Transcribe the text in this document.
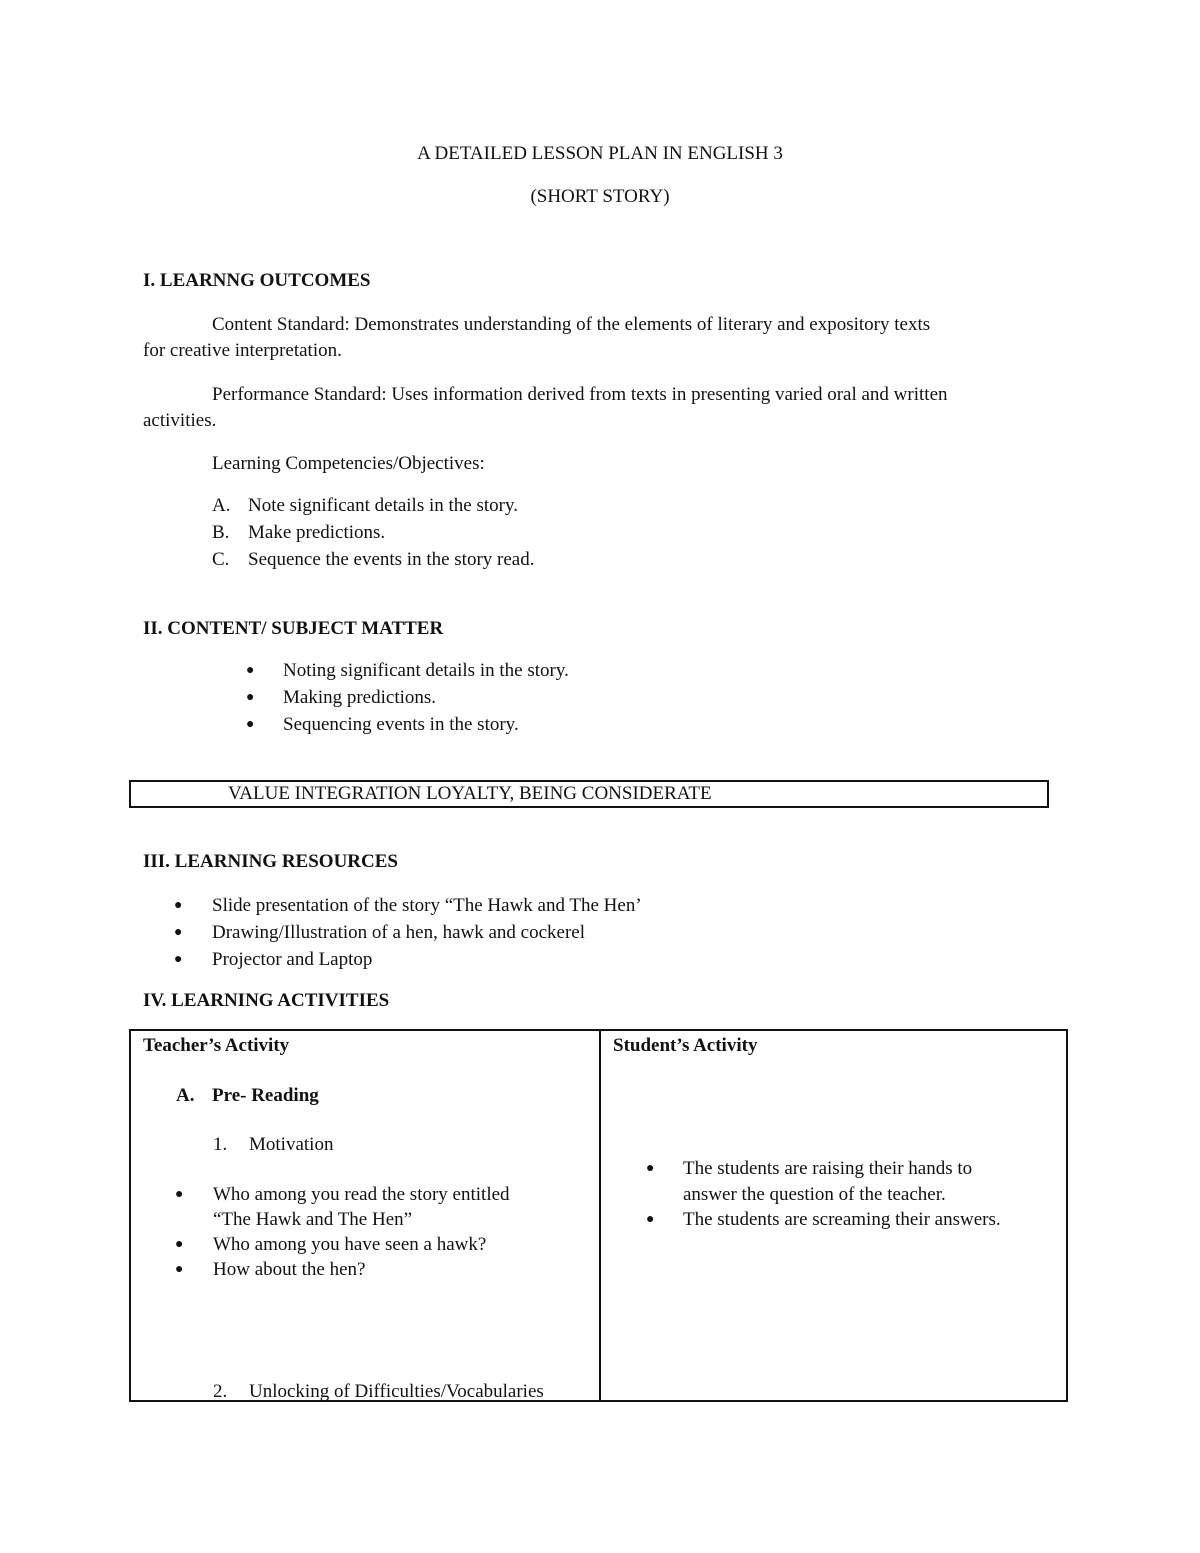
A DETAILED LESSON PLAN IN ENGLISH 3
(SHORT STORY)
I. LEARNNG OUTCOMES
Content Standard: Demonstrates understanding of the elements of literary and expository texts
for creative interpretation.
Performance Standard: Uses information derived from texts in presenting varied oral and written
activities.
Learning Competencies/Objectives:
A. Note significant details in the story.
B. Make predictions.
C. Sequence the events in the story read.
II. CONTENT/ SUBJECT MATTER
●
Noting significant details in the story.
●
Making predictions.
●
Sequencing events in the story.
VALUE INTEGRATION LOYALTY, BEING CONSIDERATE
III. LEARNING RESOURCES
●
Slide presentation of the story “The Hawk and The Hen’
●
Drawing/Illustration of a hen, hawk and cockerel
●
Projector and Laptop
IV. LEARNING ACTIVITIES
Teacher’s Activity
A. Pre- Reading
1. Motivation
●
Who among you read the story entitled
“The Hawk and The Hen”
●
Who among you have seen a hawk?
●
How about the hen?
2. Unlocking of Difficulties/Vocabularies
Student’s Activity
●
The students are raising their hands to
answer the question of the teacher.
●
The students are screaming their answers.
